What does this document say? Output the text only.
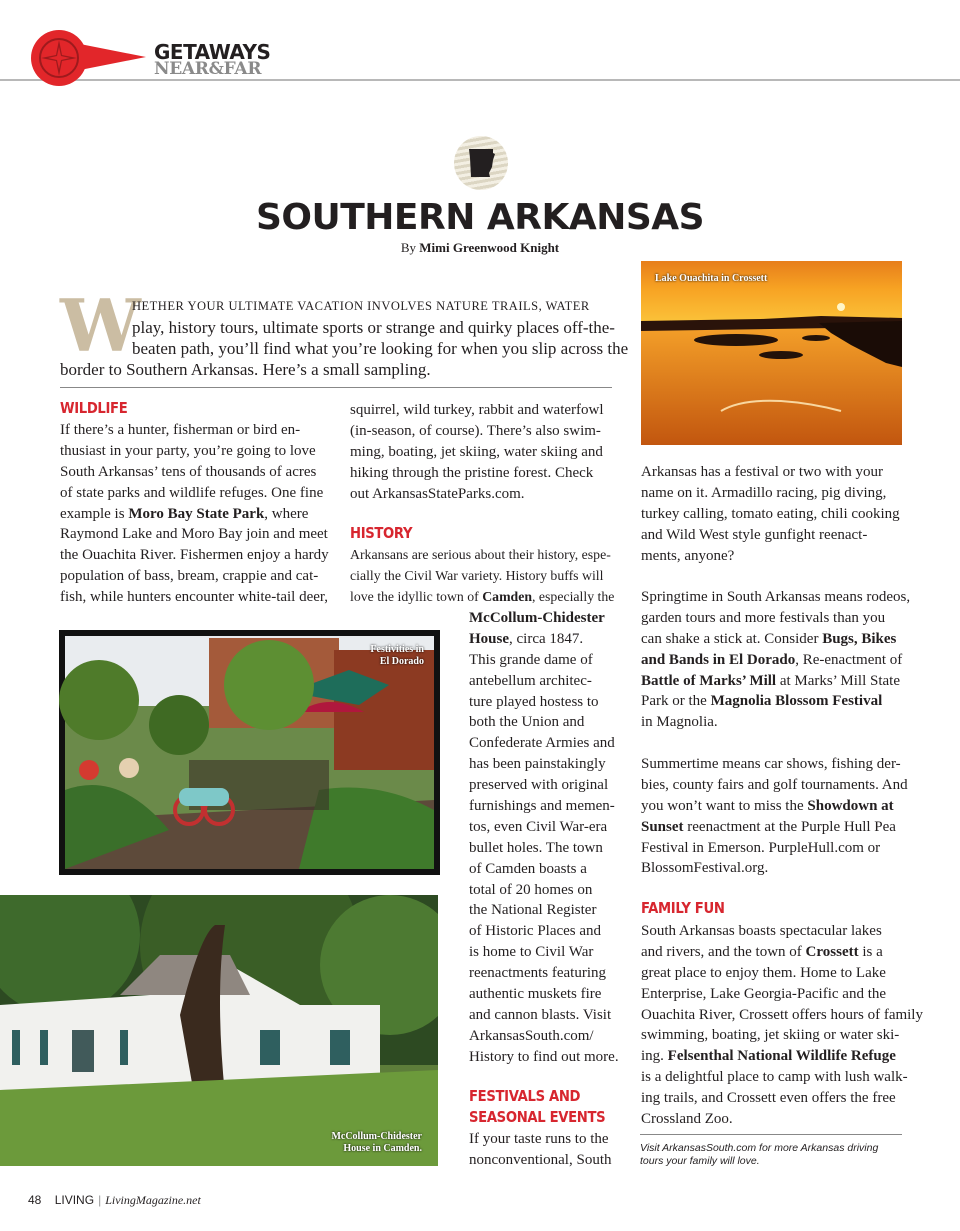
GETAWAYS
NEAR&FAR
SOUTHERN ARKANSAS
By Mimi Greenwood Knight
W
HETHER YOUR ULTIMATE VACATION INVOLVES NATURE TRAILS, WATER
play, history tours, ultimate sports or strange and quirky places off-the-
beaten path, you’ll find what you’re looking for when you slip across the
border to Southern Arkansas. Here’s a small sampling.
WILDLIFE
If there’s a hunter, fisherman or bird en-
thusiast in your party, you’re going to love
South Arkansas’ tens of thousands of acres
of state parks and wildlife refuges. One fine
example is Moro Bay State Park, where
Raymond Lake and Moro Bay join and meet
the Ouachita River. Fishermen enjoy a hardy
population of bass, bream, crappie and cat-
fish, while hunters encounter white-tail deer,
squirrel, wild turkey, rabbit and waterfowl
(in-season, of course). There’s also swim-
ming, boating, jet skiing, water skiing and
hiking through the pristine forest. Check
out ArkansasStateParks.com.
HISTORY
Arkansans are serious about their history, espe-
cially the Civil War variety. History buffs will
love the idyllic town of Camden, especially the
McCollum-Chidester
House, circa 1847.
This grande dame of
antebellum architec-
ture played hostess to
both the Union and
Confederate Armies and
has been painstakingly
preserved with original
furnishings and memen-
tos, even Civil War-era
bullet holes. The town
of Camden boasts a
total of 20 homes on
the National Register
of Historic Places and
is home to Civil War
reenactments featuring
authentic muskets fire
and cannon blasts. Visit
ArkansasSouth.com/
History to find out more.
FESTIVALS AND
SEASONAL EVENTS
If your taste runs to the
nonconventional, South
Lake Ouachita in Crossett
Arkansas has a festival or two with your
name on it. Armadillo racing, pig diving,
turkey calling, tomato eating, chili cooking
and Wild West style gunfight reenact-
ments, anyone?
Springtime in South Arkansas means rodeos,
garden tours and more festivals than you
can shake a stick at. Consider Bugs, Bikes
and Bands in El Dorado, Re-enactment of
Battle of Marks’ Mill at Marks’ Mill State
Park or the Magnolia Blossom Festival
in Magnolia.
Summertime means car shows, fishing der-
bies, county fairs and golf tournaments. And
you won’t want to miss the Showdown at
Sunset reenactment at the Purple Hull Pea
Festival in Emerson. PurpleHull.com or
BlossomFestival.org.
FAMILY FUN
South Arkansas boasts spectacular lakes
and rivers, and the town of Crossett is a
great place to enjoy them. Home to Lake
Enterprise, Lake Georgia-Pacific and the
Ouachita River, Crossett offers hours of family
swimming, boating, jet skiing or water ski-
ing. Felsenthal National Wildlife Refuge
is a delightful place to camp with lush walk-
ing trails, and Crossett even offers the free
Crossland Zoo.
Visit ArkansasSouth.com for more Arkansas driving
tours your family will love.
Festivities in
El Dorado
McCollum-Chidester
House in Camden.
48 LIVING | LivingMagazine.net
